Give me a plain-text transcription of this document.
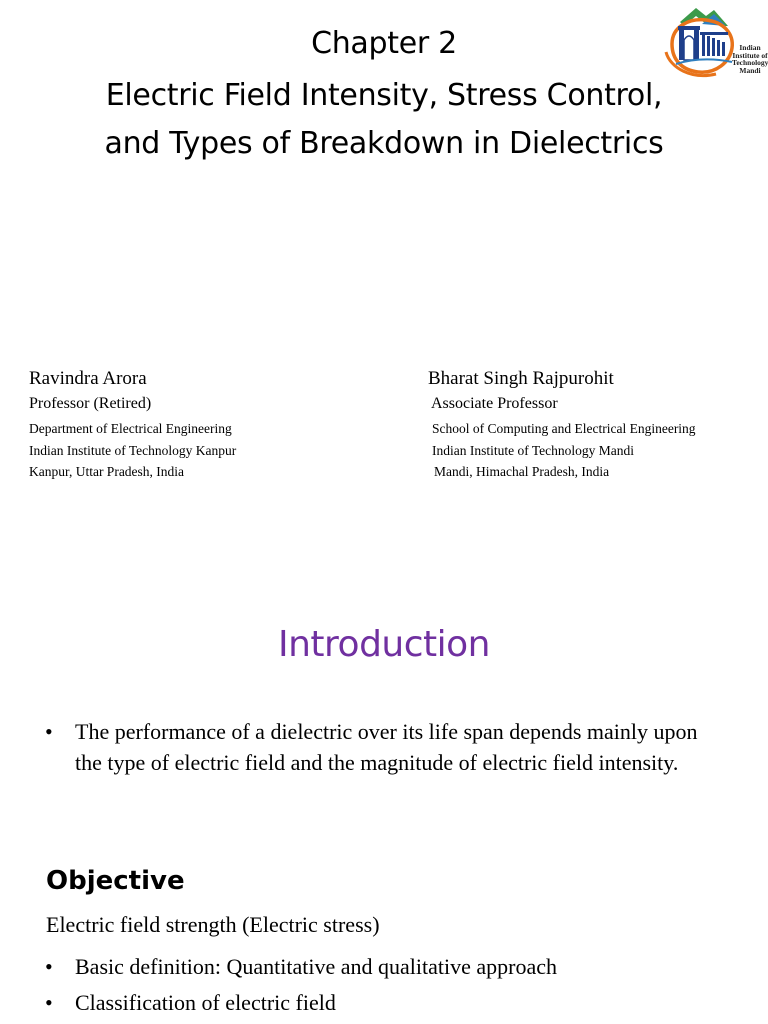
Indian
Institute of
Technology
Mandi
Chapter 2
Electric Field Intensity, Stress Control,
and Types of Breakdown in Dielectrics
Ravindra Arora
Professor (Retired)
Department of Electrical Engineering
Indian Institute of Technology Kanpur
Kanpur, Uttar Pradesh, India
Bharat Singh Rajpurohit
Associate Professor
School of Computing and Electrical Engineering
Indian Institute of Technology Mandi
Mandi, Himachal Pradesh, India
Introduction
• The performance of a dielectric over its life span depends mainly upon the type of electric field and the magnitude of electric field intensity.
Objective
Electric field strength (Electric stress)
• Basic definition: Quantitative and qualitative approach
• Classification of electric field
